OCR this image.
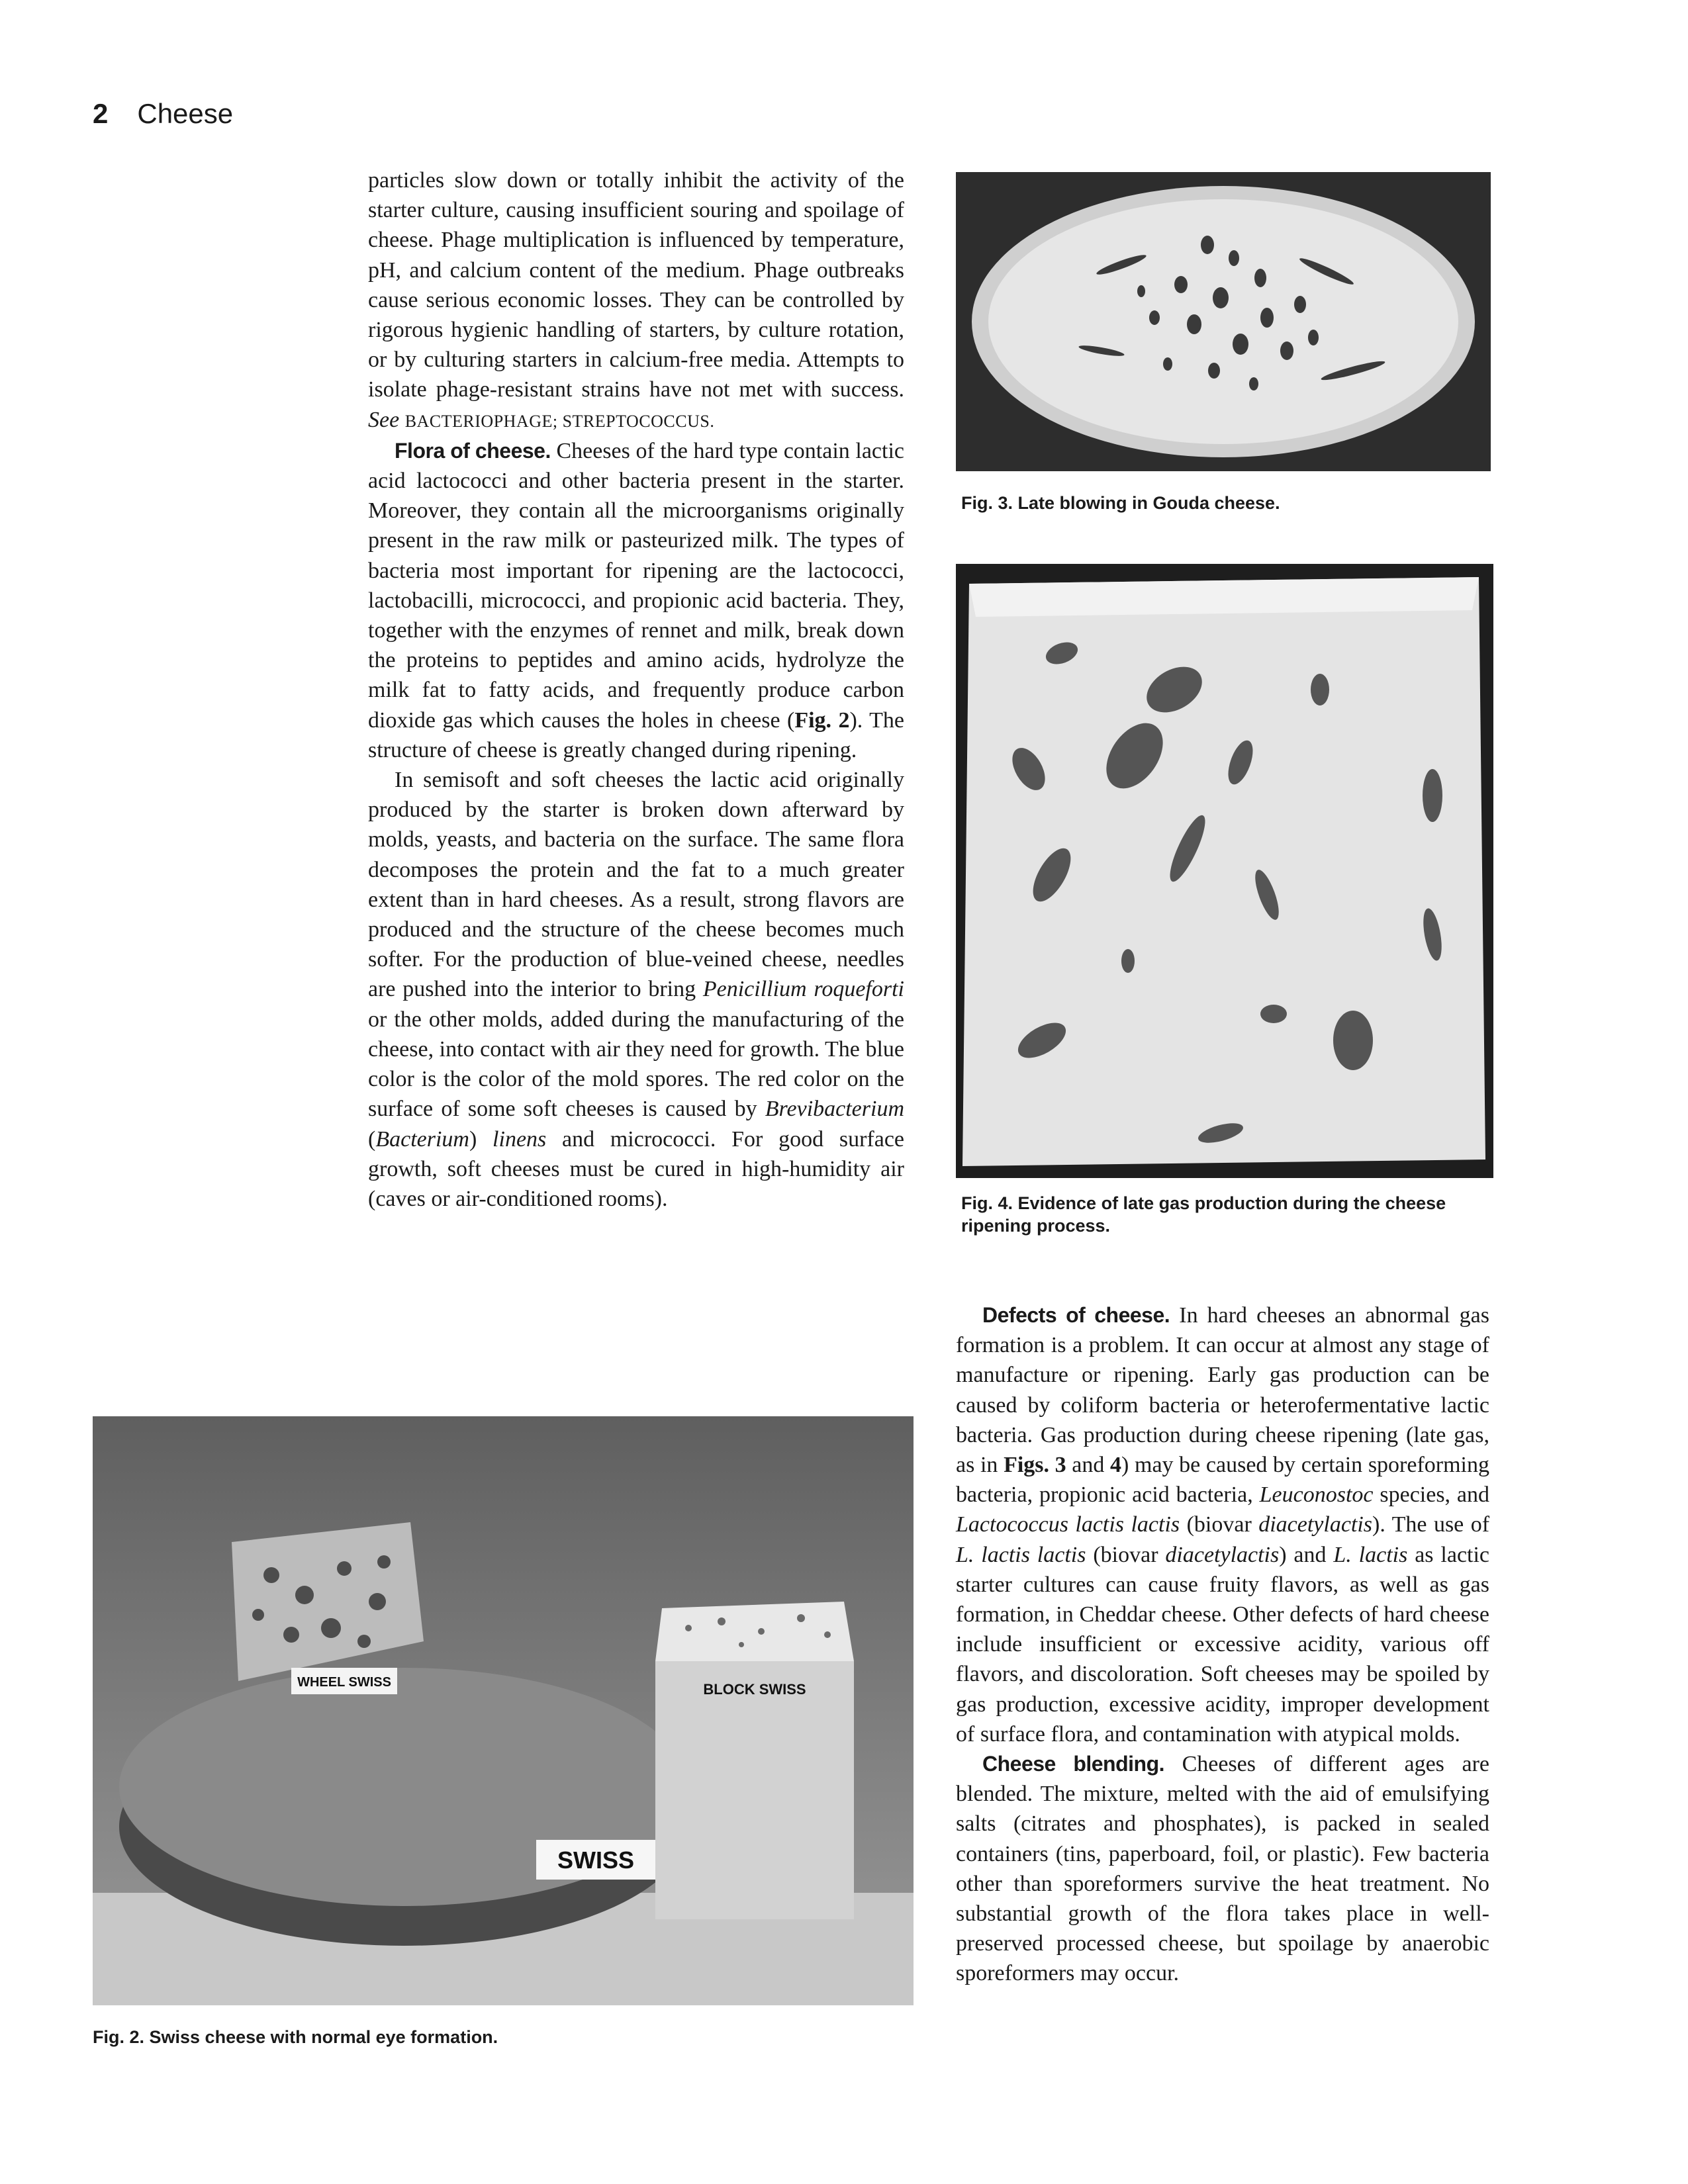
2 Cheese

particles slow down or totally inhibit the activity of the starter culture, causing insufficient souring and spoilage of cheese. Phage multiplication is influenced by temperature, pH, and calcium content of the medium. Phage outbreaks cause serious economic losses. They can be controlled by rigorous hygienic handling of starters, by culture rotation, or by culturing starters in calcium-free media. Attempts to isolate phage-resistant strains have not met with success. See BACTERIOPHAGE; STREPTOCOCCUS.

Flora of cheese. Cheeses of the hard type contain lactic acid lactococci and other bacteria present in the starter. Moreover, they contain all the microorganisms originally present in the raw milk or pasteurized milk. The types of bacteria most important for ripening are the lactococci, lactobacilli, micrococci, and propionic acid bacteria. They, together with the enzymes of rennet and milk, break down the proteins to peptides and amino acids, hydrolyze the milk fat to fatty acids, and frequently produce carbon dioxide gas which causes the holes in cheese (Fig. 2). The structure of cheese is greatly changed during ripening.

In semisoft and soft cheeses the lactic acid originally produced by the starter is broken down afterward by molds, yeasts, and bacteria on the surface. The same flora decomposes the protein and the fat to a much greater extent than in hard cheeses. As a result, strong flavors are produced and the structure of the cheese becomes much softer. For the production of blue-veined cheese, needles are pushed into the interior to bring Penicillium roqueforti or the other molds, added during the manufacturing of the cheese, into contact with air they need for growth. The blue color is the color of the mold spores. The red color on the surface of some soft cheeses is caused by Brevibacterium (Bacterium) linens and micrococci. For good surface growth, soft cheeses must be cured in high-humidity air (caves or air-conditioned rooms).

Defects of cheese. In hard cheeses an abnormal gas formation is a problem. It can occur at almost any stage of manufacture or ripening. Early gas production can be caused by coliform bacteria or heterofermentative lactic bacteria. Gas production during cheese ripening (late gas, as in Figs. 3 and 4) may be caused by certain sporeforming bacteria, propionic acid bacteria, Leuconostoc species, and Lactococcus lactis lactis (biovar diacetylactis). The use of L. lactis lactis (biovar diacetylactis) and L. lactis as lactic starter cultures can cause fruity flavors, as well as gas formation, in Cheddar cheese. Other defects of hard cheese include insufficient or excessive acidity, various off flavors, and discoloration. Soft cheeses may be spoiled by gas production, excessive acidity, improper development of surface flora, and contamination with atypical molds.

Cheese blending. Cheeses of different ages are blended. The mixture, melted with the aid of emulsifying salts (citrates and phosphates), is packed in sealed containers (tins, paperboard, foil, or plastic). Few bacteria other than sporeformers survive the heat treatment. No substantial growth of the flora takes place in well-preserved processed cheese, but spoilage by anaerobic sporeformers may occur.

Fig. 3. Late blowing in Gouda cheese.
Fig. 4. Evidence of late gas production during the cheese ripening process.
WHEEL SWISS	BLOCK SWISS
SWISS
Fig. 2. Swiss cheese with normal eye formation.
